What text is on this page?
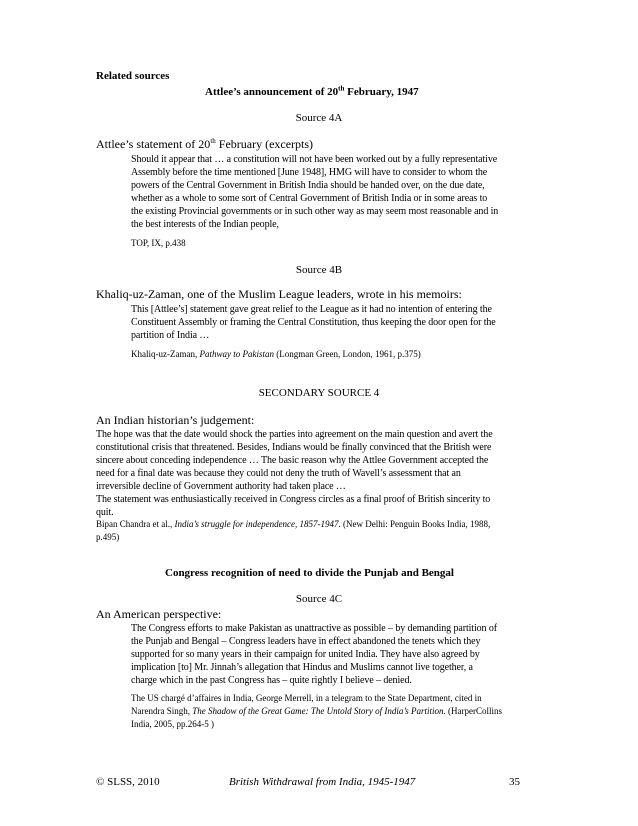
Related sources
Attlee’s announcement of 20th February, 1947
Source 4A
Attlee’s statement of 20th February (excerpts)
Should it appear that … a constitution will not have been worked out by a fully representative
Assembly before the time mentioned [June 1948], HMG will have to consider to whom the
powers of the Central Government in British India should be handed over, on the due date,
whether as a whole to some sort of Central Government of British India or in some areas to
the existing Provincial governments or in such other way as may seem most reasonable and in
the best interests of the Indian people,
TOP, IX, p.438
Source 4B
Khaliq-uz-Zaman, one of the Muslim League leaders, wrote in his memoirs:
This [Attlee’s] statement gave great relief to the League as it had no intention of entering the
Constituent Assembly or framing the Central Constitution, thus keeping the door open for the
partition of India …
Khaliq-uz-Zaman, Pathway to Pakistan (Longman Green, London, 1961, p.375)
SECONDARY SOURCE 4
An Indian historian’s judgement:
The hope was that the date would shock the parties into agreement on the main question and avert the
constitutional crisis that threatened. Besides, Indians would be finally convinced that the British were
sincere about conceding independence … The basic reason why the Attlee Government accepted the
need for a final date was because they could not deny the truth of Wavell’s assessment that an
irreversible decline of Government authority had taken place …
The statement was enthusiastically received in Congress circles as a final proof of British sincerity to
quit.
Bipan Chandra et al., India’s struggle for independence, 1857-1947. (New Delhi: Penguin Books India, 1988,
p.495)
Congress recognition of need to divide the Punjab and Bengal
Source 4C
An American perspective:
The Congress efforts to make Pakistan as unattractive as possible – by demanding partition of
the Punjab and Bengal – Congress leaders have in effect abandoned the tenets which they
supported for so many years in their campaign for united India. They have also agreed by
implication [to] Mr. Jinnah’s allegation that Hindus and Muslims cannot live together, a
charge which in the past Congress has – quite rightly I believe – denied.
The US chargé d’affaires in India, George Merrell, in a telegram to the State Department, cited in
Narendra Singh, The Shadow of the Great Game: The Untold Story of India’s Partition. (HarperCollins
India, 2005, pp.264-5 )
© SLSS, 2010	British Withdrawal from India, 1945-1947	35
